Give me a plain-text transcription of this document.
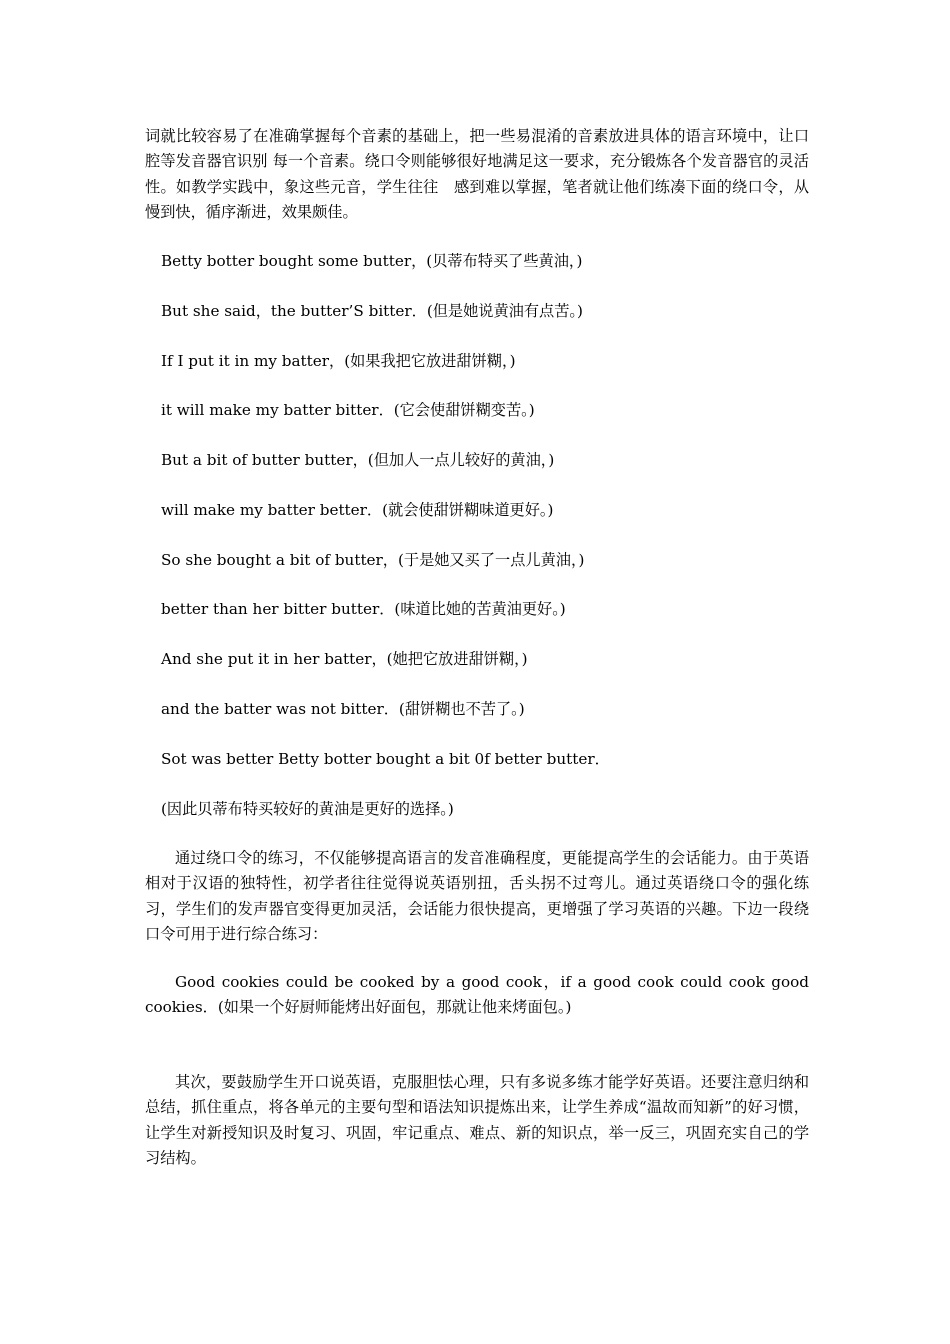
词就比较容易了在准确掌握每个音素的基础上，把一些易混淆的音素放进具体的语言环境中，让口腔等发音器官识别 每一个音素。绕口令则能够很好地满足这一要求，充分锻炼各个发音器官的灵活性。如教学实践中，象这些元音，学生往往　感到难以掌握，笔者就让他们练凑下面的绕口令，从慢到快，循序渐进，效果颇佳。

Betty botter bought some butter，(贝蒂布特买了些黄油，)

But she said，the butter’S bitter．(但是她说黄油有点苦。)

If I put it in my batter，(如果我把它放进甜饼糊，)

it will make my batter bitter．(它会使甜饼糊变苦。)

But a bit of butter butter，(但加人一点儿较好的黄油，)

will make my batter better．(就会使甜饼糊味道更好。)

So she bought a bit of butter，(于是她又买了一点儿黄油，)

better than her bitter butter．(味道比她的苦黄油更好。)

And she put it in her batter，(她把它放进甜饼糊，)

and the batter was not bitter．(甜饼糊也不苦了。)

Sot was better Betty botter bought a bit 0f better butter．

(因此贝蒂布特买较好的黄油是更好的选择。)

通过绕口令的练习，不仅能够提高语言的发音准确程度，更能提高学生的会话能力。由于英语相对于汉语的独特性，初学者往往觉得说英语别扭，舌头拐不过弯儿。通过英语绕口令的强化练习，学生们的发声器官变得更加灵活，会话能力很快提高，更增强了学习英语的兴趣。下边一段绕口令可用于进行综合练习：

Good cookies could be cooked by a good cook，if a good cook could cook good cookies．(如果一个好厨师能烤出好面包，那就让他来烤面包。)

其次，要鼓励学生开口说英语，克服胆怯心理，只有多说多练才能学好英语。还要注意归纳和总结，抓住重点，将各单元的主要句型和语法知识提炼出来，让学生养成“温故而知新”的好习惯，让学生对新授知识及时复习、巩固，牢记重点、难点、新的知识点，举一反三，巩固充实自己的学习结构。
